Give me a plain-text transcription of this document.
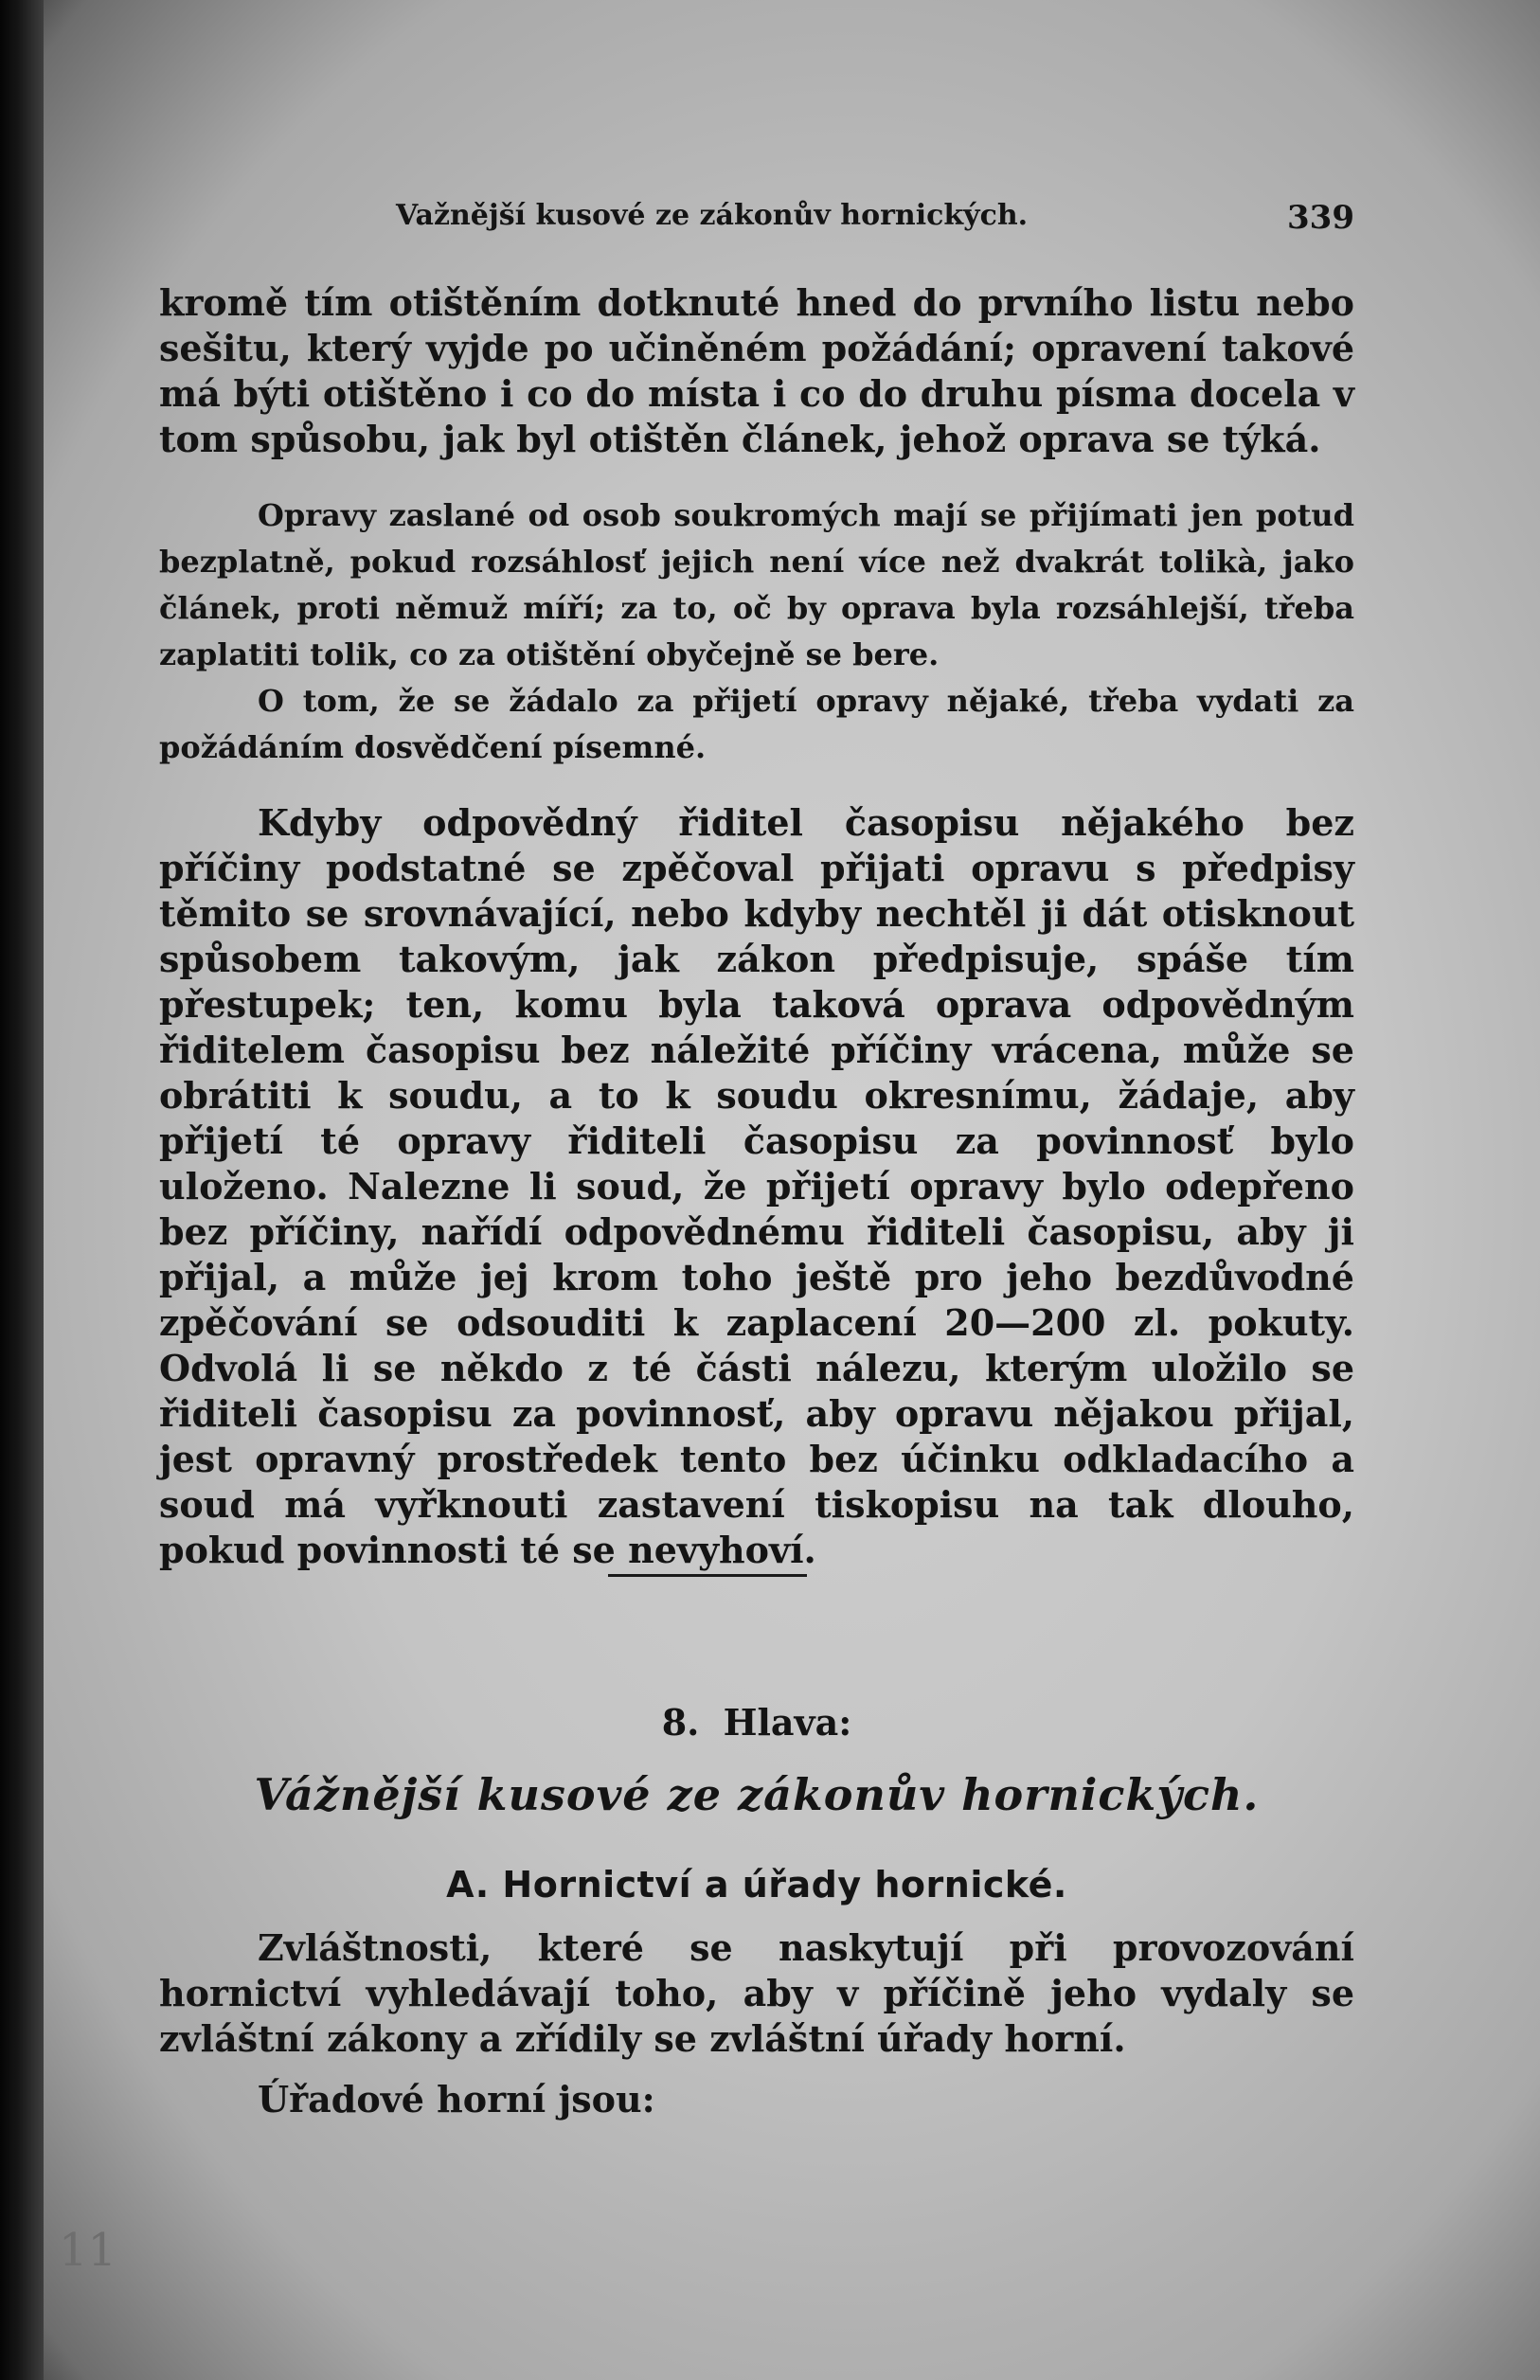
Važnější kusové ze zákonův hornických.	339

kromě tím otištěním dotknuté hned do prvního listu nebo sešitu, který vyjde po učiněném požádání; opravení takové má býti otištěno i co do místa i co do druhu písma docela v tom spůsobu, jak byl otištěn článek, jehož oprava se týká.

Opravy zaslané od osob soukromých mají se přijímati jen potud bezplatně, pokud rozsáhlosť jejich není více než dvakrát tolikà, jako článek, proti němuž míří; za to, oč by oprava byla rozsáhlejší, třeba zaplatiti tolik, co za otištění obyčejně se bere.

O tom, že se žádalo za přijetí opravy nějaké, třeba vydati za požádáním dosvědčení písemné.

Kdyby odpovědný řiditel časopisu nějakého bez příčiny podstatné se zpěčoval přijati opravu s předpisy těmito se srovnávající, nebo kdyby nechtěl ji dát otisknout spůsobem takovým, jak zákon předpisuje, spáše tím přestupek; ten, komu byla taková oprava odpovědným řiditelem časopisu bez náležité příčiny vrácena, může se obrátiti k soudu, a to k soudu okresnímu, žádaje, aby přijetí té opravy řiditeli časopisu za povinnosť bylo uloženo. Nalezne li soud, že přijetí opravy bylo odepřeno bez příčiny, nařídí odpovědnému řiditeli časopisu, aby ji přijal, a může jej krom toho ještě pro jeho bezdůvodné zpěčování se odsouditi k zaplacení 20—200 zl. pokuty. Odvolá li se někdo z té části nálezu, kterým uložilo se řiditeli časopisu za povinnosť, aby opravu nějakou přijal, jest opravný prostředek tento bez účinku odkladacího a soud má vyřknouti zastavení tiskopisu na tak dlouho, pokud povinnosti té se nevyhoví.

8. Hlava:
Vážnější kusové ze zákonův hornických.
A. Hornictví a úřady hornické.

Zvláštnosti, které se naskytují při provozování hornictví vyhledávají toho, aby v příčině jeho vydaly se zvláštní zákony a zřídily se zvláštní úřady horní.

Úřadové horní jsou:

11
